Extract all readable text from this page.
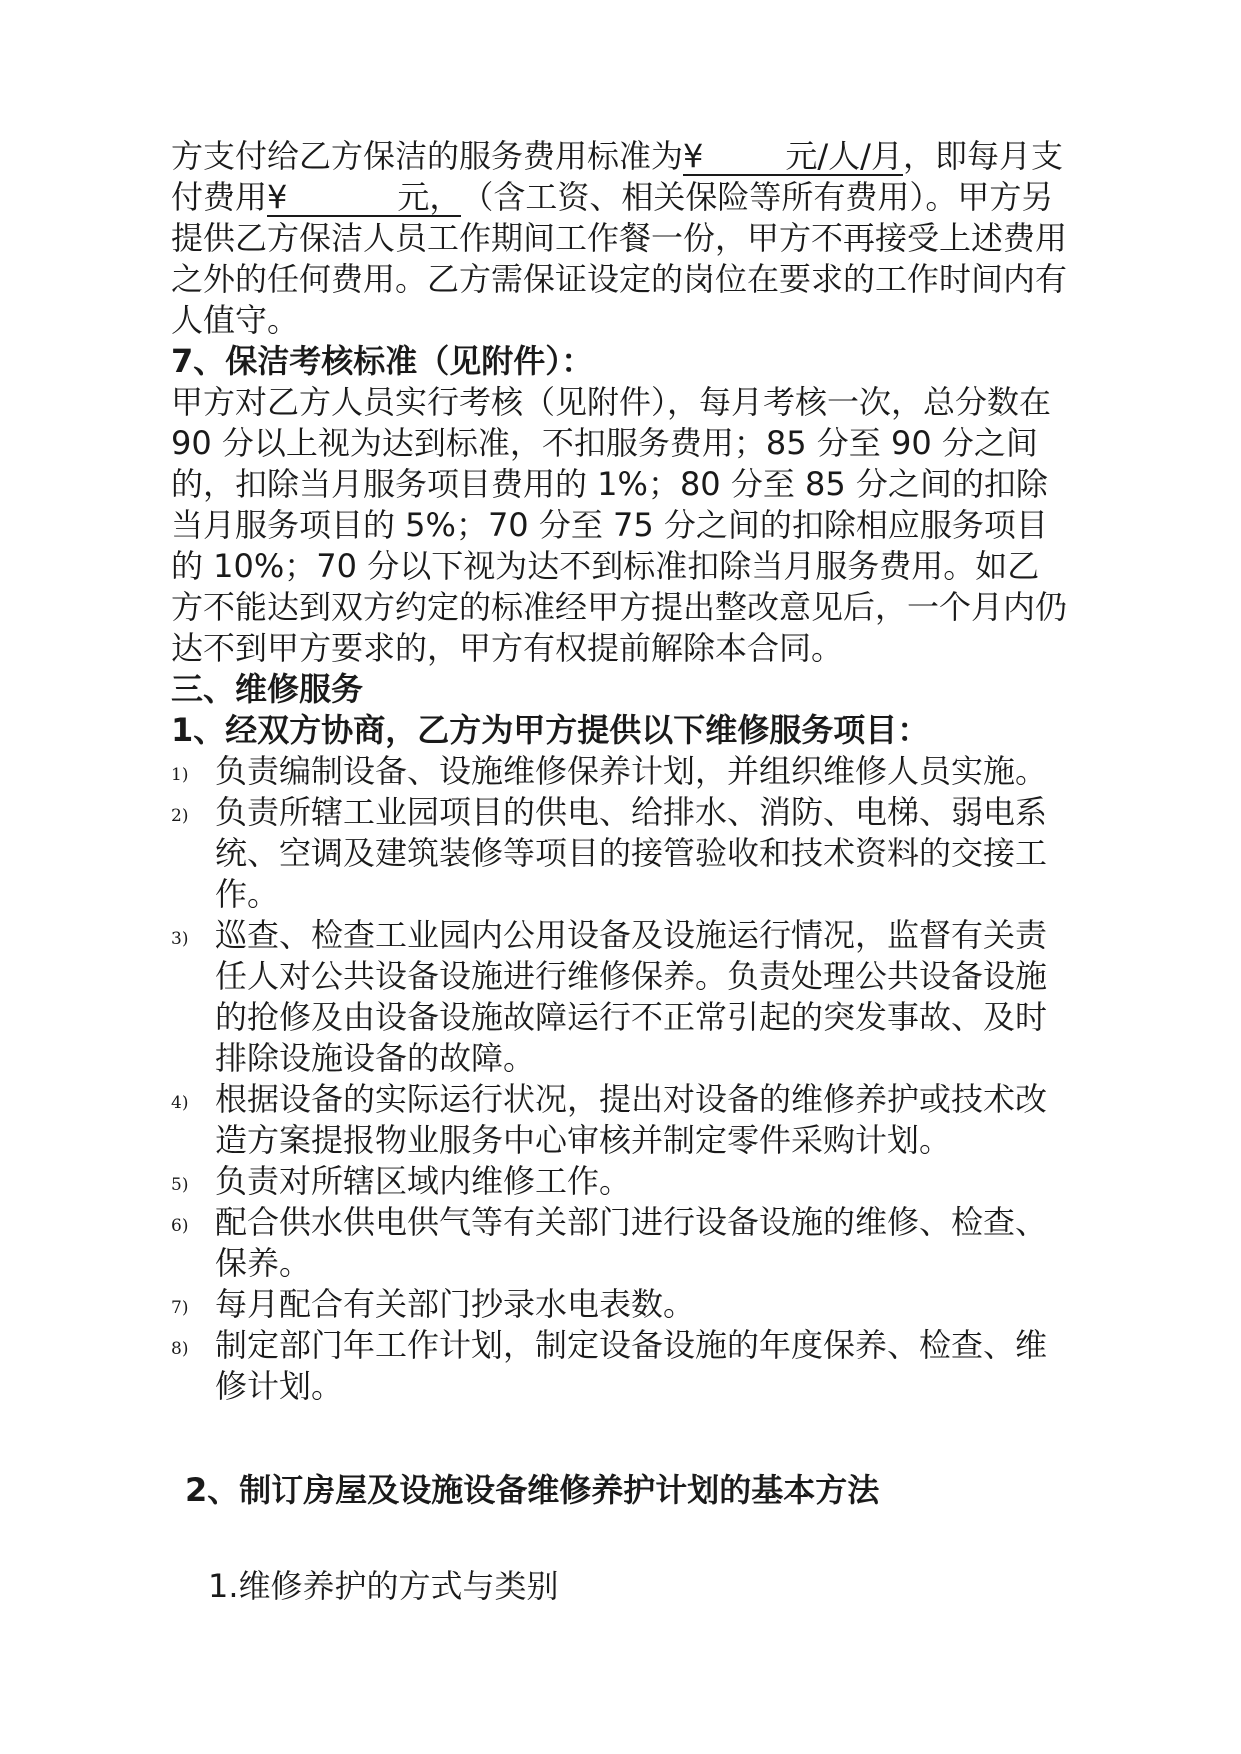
方支付给乙方保洁的服务费用标准为¥	元/人/月，即每月支付费用¥	元，（含工资、相关保险等所有费用）。甲方另提供乙方保洁人员工作期间工作餐一份，甲方不再接受上述费用之外的任何费用。乙方需保证设定的岗位在要求的工作时间内有人值守。

7、保洁考核标准（见附件）：

甲方对乙方人员实行考核（见附件），每月考核一次，总分数在 90 分以上视为达到标准，不扣服务费用；85 分至 90 分之间的，扣除当月服务项目费用的 1%；80 分至 85 分之间的扣除当月服务项目的 5%；70 分至 75 分之间的扣除相应服务项目的 10%；70 分以下视为达不到标准扣除当月服务费用。如乙方不能达到双方约定的标准经甲方提出整改意见后，一个月内仍达不到甲方要求的，甲方有权提前解除本合同。

三、维修服务

1、经双方协商，乙方为甲方提供以下维修服务项目：

1) 负责编制设备、设施维修保养计划，并组织维修人员实施。
2) 负责所辖工业园项目的供电、给排水、消防、电梯、弱电系统、空调及建筑装修等项目的接管验收和技术资料的交接工作。
3) 巡查、检查工业园内公用设备及设施运行情况，监督有关责任人对公共设备设施进行维修保养。负责处理公共设备设施的抢修及由设备设施故障运行不正常引起的突发事故、及时排除设施设备的故障。
4) 根据设备的实际运行状况，提出对设备的维修养护或技术改造方案提报物业服务中心审核并制定零件采购计划。
5) 负责对所辖区域内维修工作。
6) 配合供水供电供气等有关部门进行设备设施的维修、检查、保养。
7) 每月配合有关部门抄录水电表数。
8) 制定部门年工作计划，制定设备设施的年度保养、检查、维修计划。

2、制订房屋及设施设备维修养护计划的基本方法

1.维修养护的方式与类别
